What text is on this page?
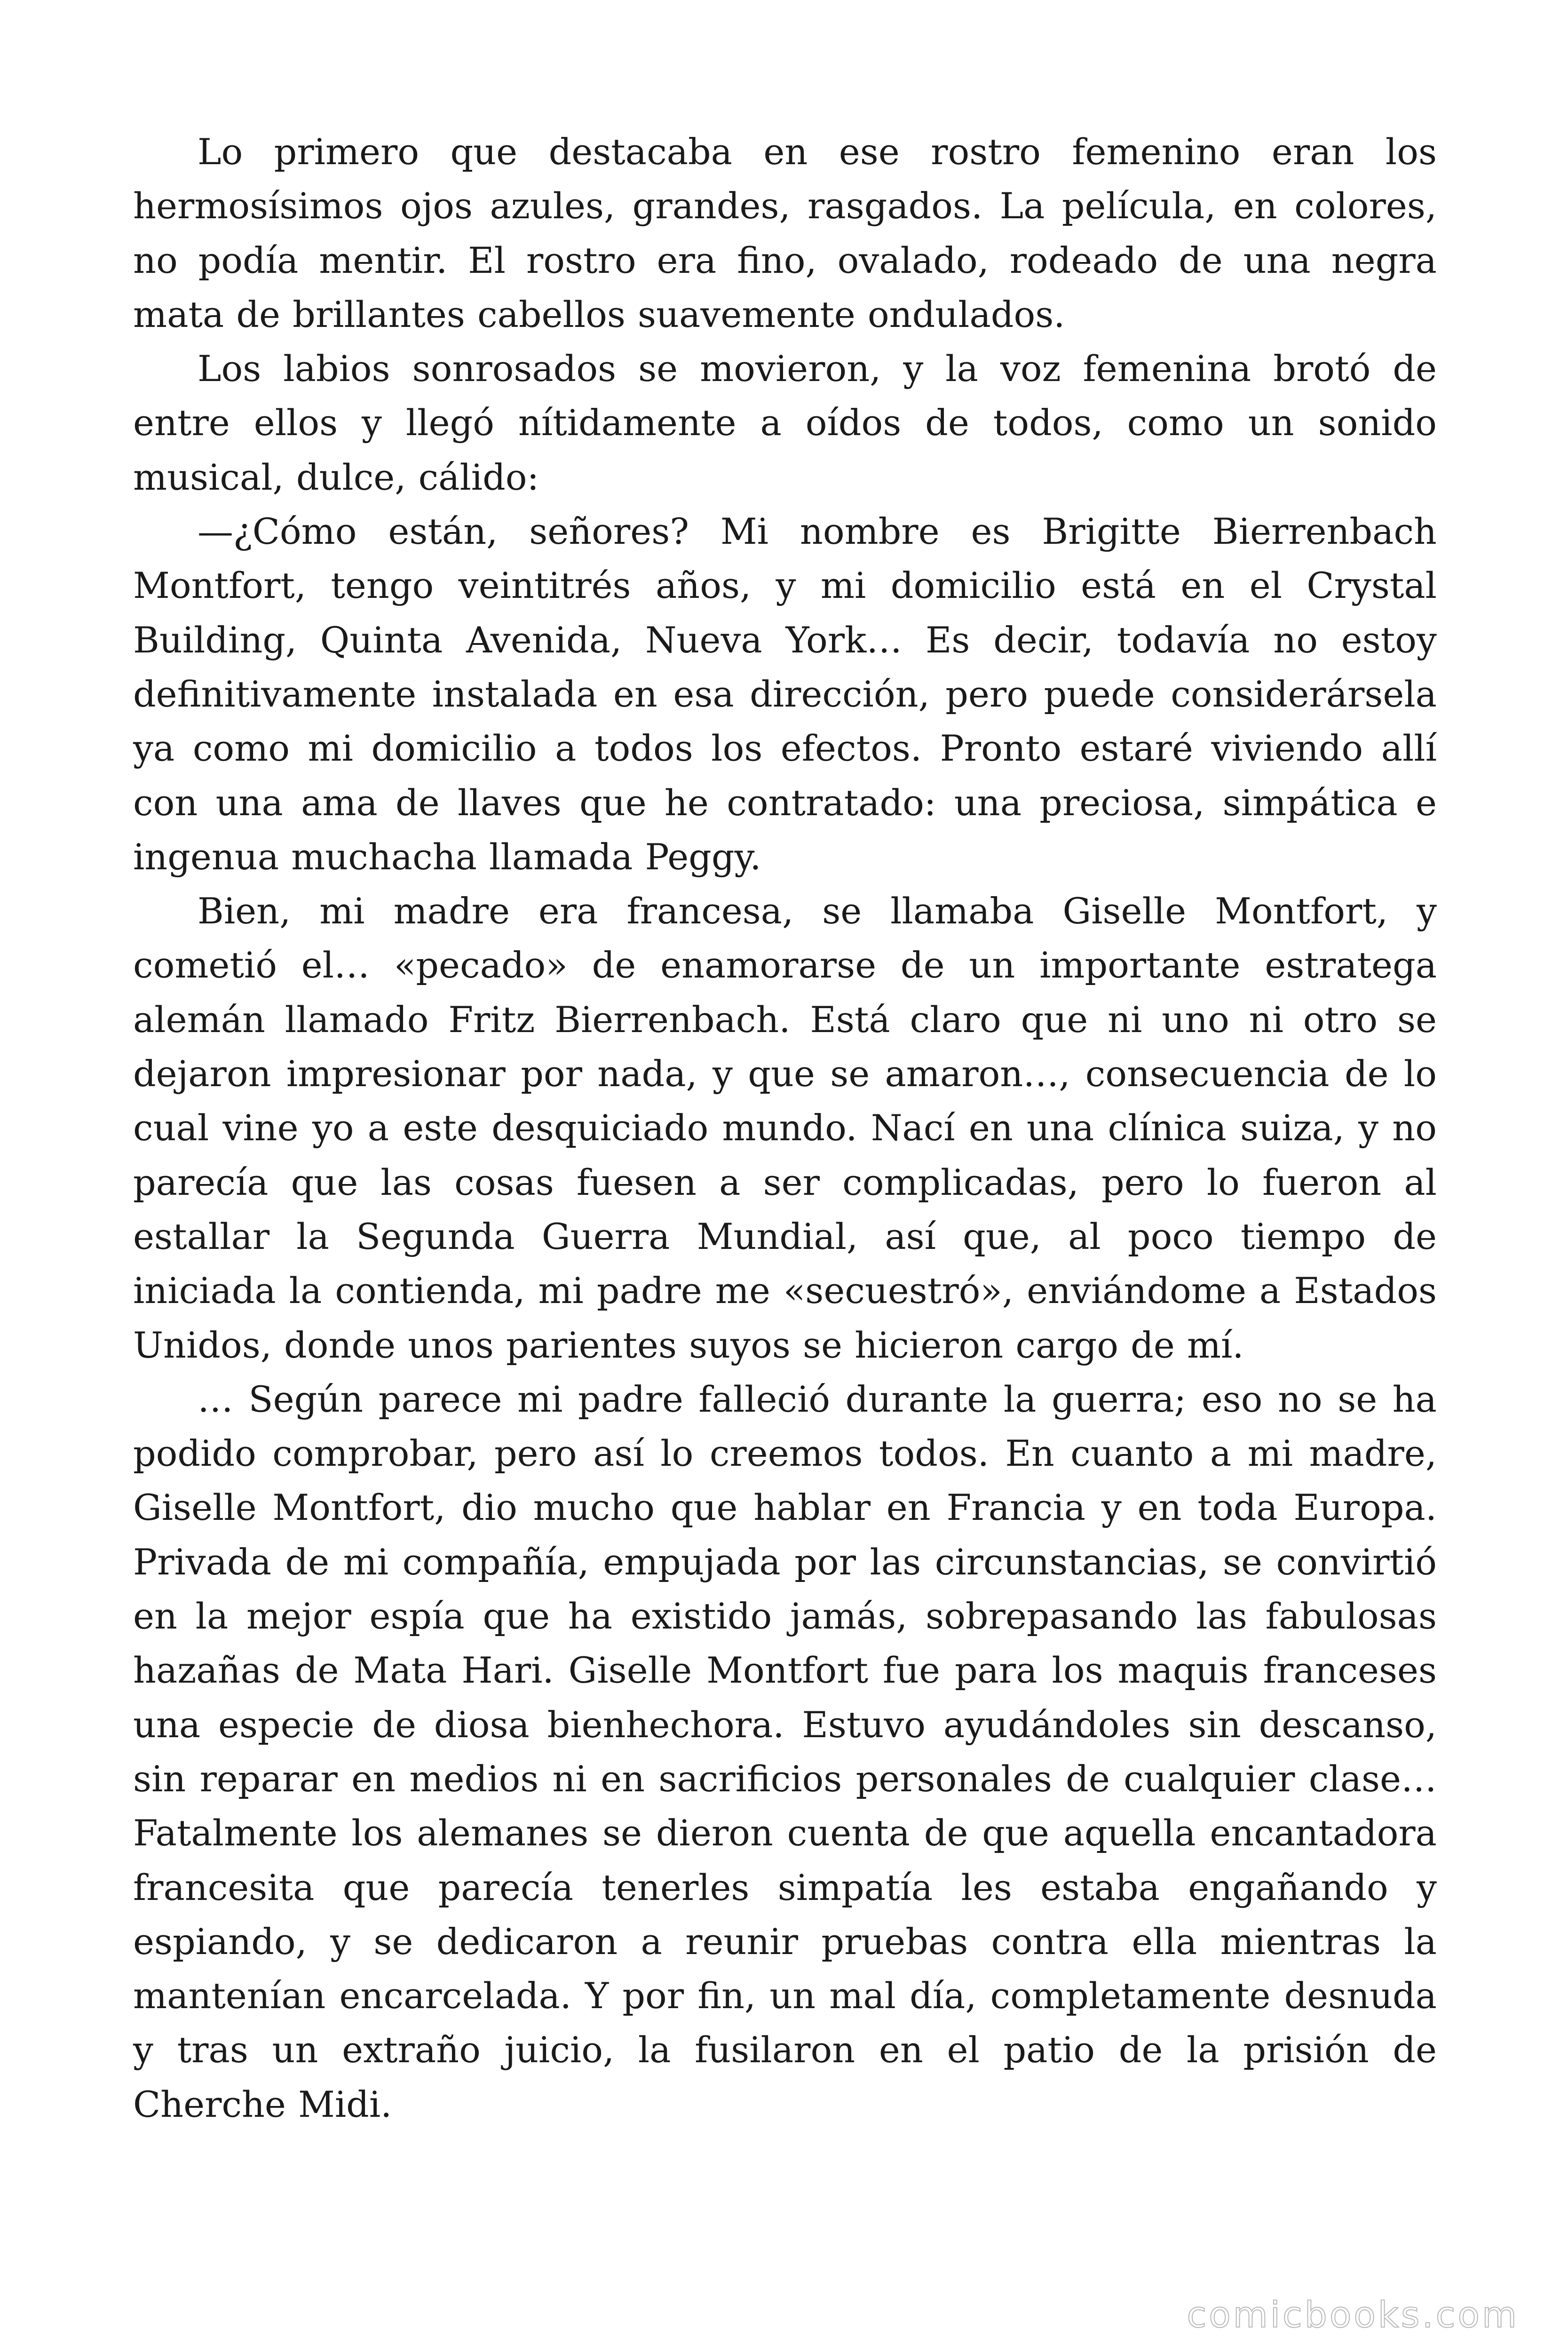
Lo primero que destacaba en ese rostro femenino eran los hermosísimos ojos azules, grandes, rasgados. La película, en colores, no podía mentir. El rostro era fino, ovalado, rodeado de una negra mata de brillantes cabellos suavemente ondulados.

Los labios sonrosados se movieron, y la voz femenina brotó de entre ellos y llegó nítidamente a oídos de todos, como un sonido musical, dulce, cálido:

—¿Cómo están, señores? Mi nombre es Brigitte Bierrenbach Montfort, tengo veintitrés años, y mi domicilio está en el Crystal Building, Quinta Avenida, Nueva York… Es decir, todavía no estoy definitivamente instalada en esa dirección, pero puede considerársela ya como mi domicilio a todos los efectos. Pronto estaré viviendo allí con una ama de llaves que he contratado: una preciosa, simpática e ingenua muchacha llamada Peggy.

Bien, mi madre era francesa, se llamaba Giselle Montfort, y cometió el… «pecado» de enamorarse de un importante estratega alemán llamado Fritz Bierrenbach. Está claro que ni uno ni otro se dejaron impresionar por nada, y que se amaron…, consecuencia de lo cual vine yo a este desquiciado mundo. Nací en una clínica suiza, y no parecía que las cosas fuesen a ser complicadas, pero lo fueron al estallar la Segunda Guerra Mundial, así que, al poco tiempo de iniciada la contienda, mi padre me «secuestró», enviándome a Estados Unidos, donde unos parientes suyos se hicieron cargo de mí.

… Según parece mi padre falleció durante la guerra; eso no se ha podido comprobar, pero así lo creemos todos. En cuanto a mi madre, Giselle Montfort, dio mucho que hablar en Francia y en toda Europa. Privada de mi compañía, empujada por las circunstancias, se convirtió en la mejor espía que ha existido jamás, sobrepasando las fabulosas hazañas de Mata Hari. Giselle Montfort fue para los maquis franceses una especie de diosa bienhechora. Estuvo ayudándoles sin descanso, sin reparar en medios ni en sacrificios personales de cualquier clase… Fatalmente los alemanes se dieron cuenta de que aquella encantadora francesita que parecía tenerles simpatía les estaba engañando y espiando, y se dedicaron a reunir pruebas contra ella mientras la mantenían encarcelada. Y por fin, un mal día, completamente desnuda y tras un extraño juicio, la fusilaron en el patio de la prisión de Cherche Midi.

comicbooks.com
